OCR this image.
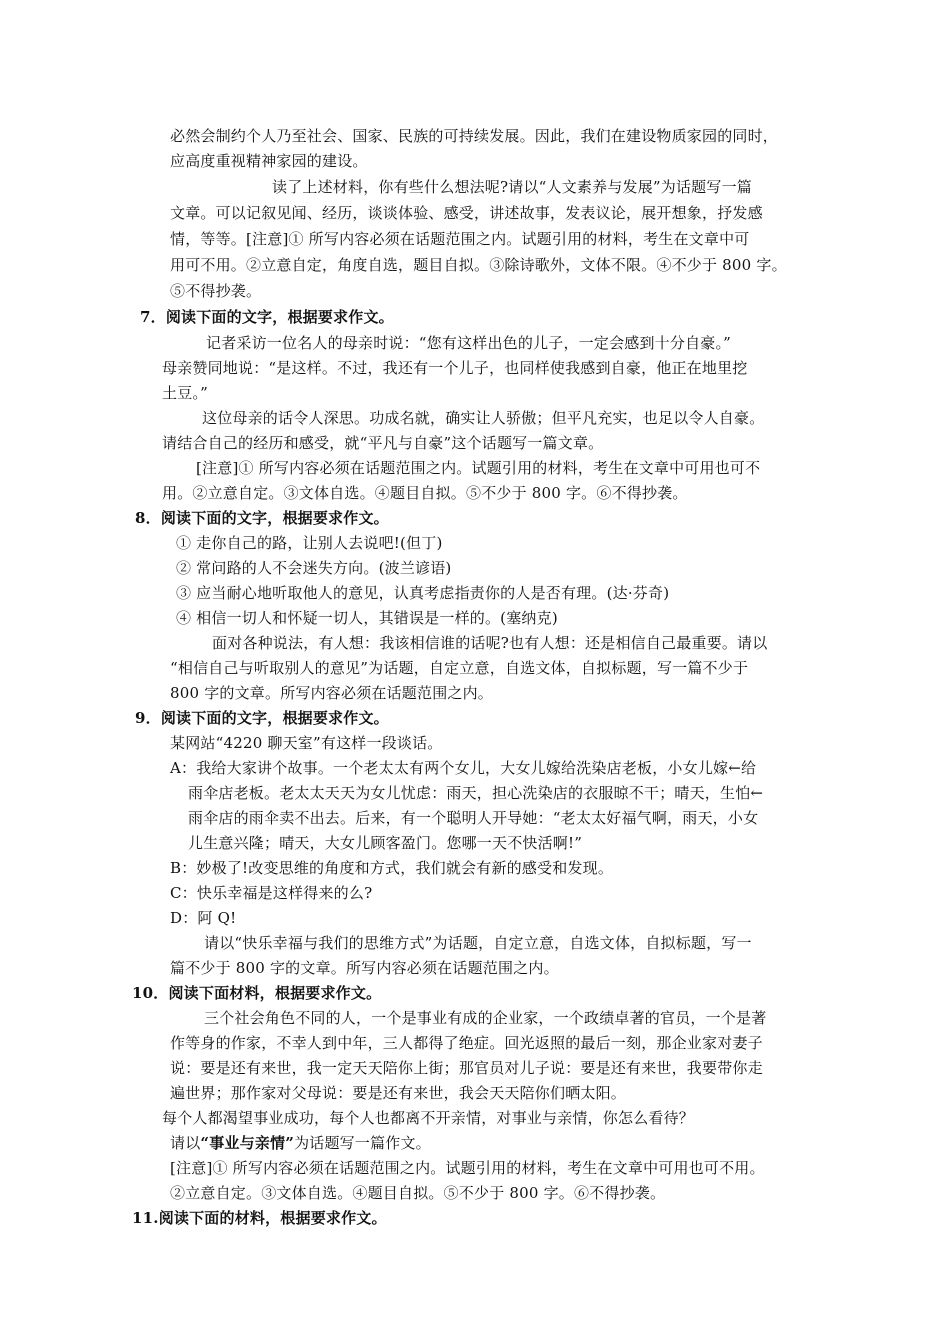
必然会制约个人乃至社会、国家、民族的可持续发展。因此，我们在建设物质家园的同时，
应高度重视精神家园的建设。
读了上述材料，你有些什么想法呢?请以“人文素养与发展”为话题写一篇
文章。可以记叙见闻、经历，谈谈体验、感受，讲述故事，发表议论，展开想象，抒发感
情，等等。[注意]① 所写内容必须在话题范围之内。试题引用的材料，考生在文章中可
用可不用。②立意自定，角度自选，题目自拟。③除诗歌外，文体不限。④不少于 800 字。
⑤不得抄袭。
7．阅读下面的文字，根据要求作文。
记者采访一位名人的母亲时说：“您有这样出色的儿子，一定会感到十分自豪。”
母亲赞同地说：“是这样。不过，我还有一个儿子，也同样使我感到自豪，他正在地里挖
土豆。”
这位母亲的话令人深思。功成名就，确实让人骄傲；但平凡充实，也足以令人自豪。
请结合自己的经历和感受，就“平凡与自豪”这个话题写一篇文章。
[注意]① 所写内容必须在话题范围之内。试题引用的材料，考生在文章中可用也可不
用。②立意自定。③文体自选。④题目自拟。⑤不少于 800 字。⑥不得抄袭。
8．阅读下面的文字，根据要求作文。
① 走你自己的路，让别人去说吧!(但丁)
② 常问路的人不会迷失方向。(波兰谚语)
③ 应当耐心地听取他人的意见，认真考虑指责你的人是否有理。(达·芬奇)
④ 相信一切人和怀疑一切人，其错误是一样的。(塞纳克)
面对各种说法，有人想：我该相信谁的话呢?也有人想：还是相信自己最重要。请以
“相信自己与听取别人的意见”为话题，自定立意，自选文体，自拟标题，写一篇不少于
800 字的文章。所写内容必须在话题范围之内。
9．阅读下面的文字，根据要求作文。
某网站“4220 聊天室”有这样一段谈话。
A：我给大家讲个故事。一个老太太有两个女儿，大女儿嫁给洗染店老板，小女儿嫁←给
雨伞店老板。老太太天天为女儿忧虑：雨天，担心洗染店的衣服晾不干；晴天，生怕←
雨伞店的雨伞卖不出去。后来，有一个聪明人开导她：“老太太好福气啊，雨天，小女
儿生意兴隆；晴天，大女儿顾客盈门。您哪一天不快活啊!”
B：妙极了!改变思维的角度和方式，我们就会有新的感受和发现。
C：快乐幸福是这样得来的么?
D：阿 Q!
请以“快乐幸福与我们的思维方式”为话题，自定立意，自选文体，自拟标题，写一
篇不少于 800 字的文章。所写内容必须在话题范围之内。
10．阅读下面材料，根据要求作文。
三个社会角色不同的人，一个是事业有成的企业家，一个政绩卓著的官员，一个是著
作等身的作家，不幸人到中年，三人都得了绝症。回光返照的最后一刻，那企业家对妻子
说：要是还有来世，我一定天天陪你上街；那官员对儿子说：要是还有来世，我要带你走
遍世界；那作家对父母说：要是还有来世，我会天天陪你们晒太阳。
每个人都渴望事业成功，每个人也都离不开亲情，对事业与亲情，你怎么看待？
请以“事业与亲情”为话题写一篇作文。
[注意]① 所写内容必须在话题范围之内。试题引用的材料，考生在文章中可用也可不用。
②立意自定。③文体自选。④题目自拟。⑤不少于 800 字。⑥不得抄袭。
11.阅读下面的材料，根据要求作文。
